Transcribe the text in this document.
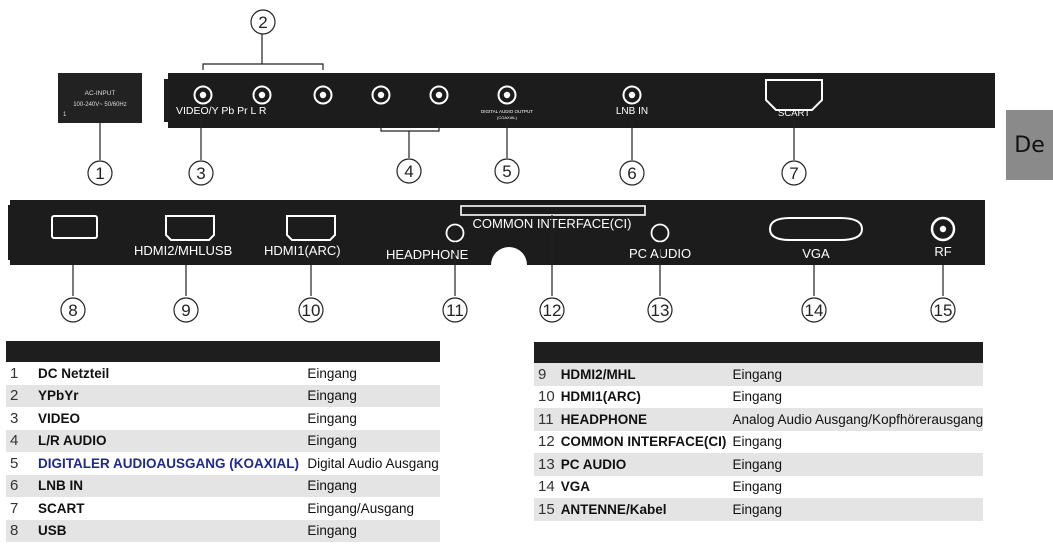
AC-INPUT
100-240V~ 50/60Hz
1	VIDEO/Y Pb Pr L R	DIGITAL AUDIO OUTPUT
(COAXIAL)
LNB IN	SCART
HDMI2/MHLUSB HDMI1(ARC)
COMMON INTERFACE(CI)
HEADPHONE	PC AUDIO	VGA	RF
1
2
3	4	5	6	7
8	9	10	11	12	13	14	15
De

1	DC Netzteil	Eingang
2	YPbYr	Eingang
3	VIDEO	Eingang
4	L/R AUDIO	Eingang
5	DIGITALER AUDIOAUSGANG (KOAXIAL)	Digital Audio Ausgang
6	LNB IN	Eingang
7	SCART	Eingang/Ausgang
8	USB	Eingang

9	HDMI2/MHL	Eingang
10	HDMI1(ARC)	Eingang
11	HEADPHONE	Analog Audio Ausgang/Kopfhörerausgang
12	COMMON INTERFACE(CI)	Eingang
13	PC AUDIO	Eingang
14	VGA	Eingang
15	ANTENNE/Kabel	Eingang
